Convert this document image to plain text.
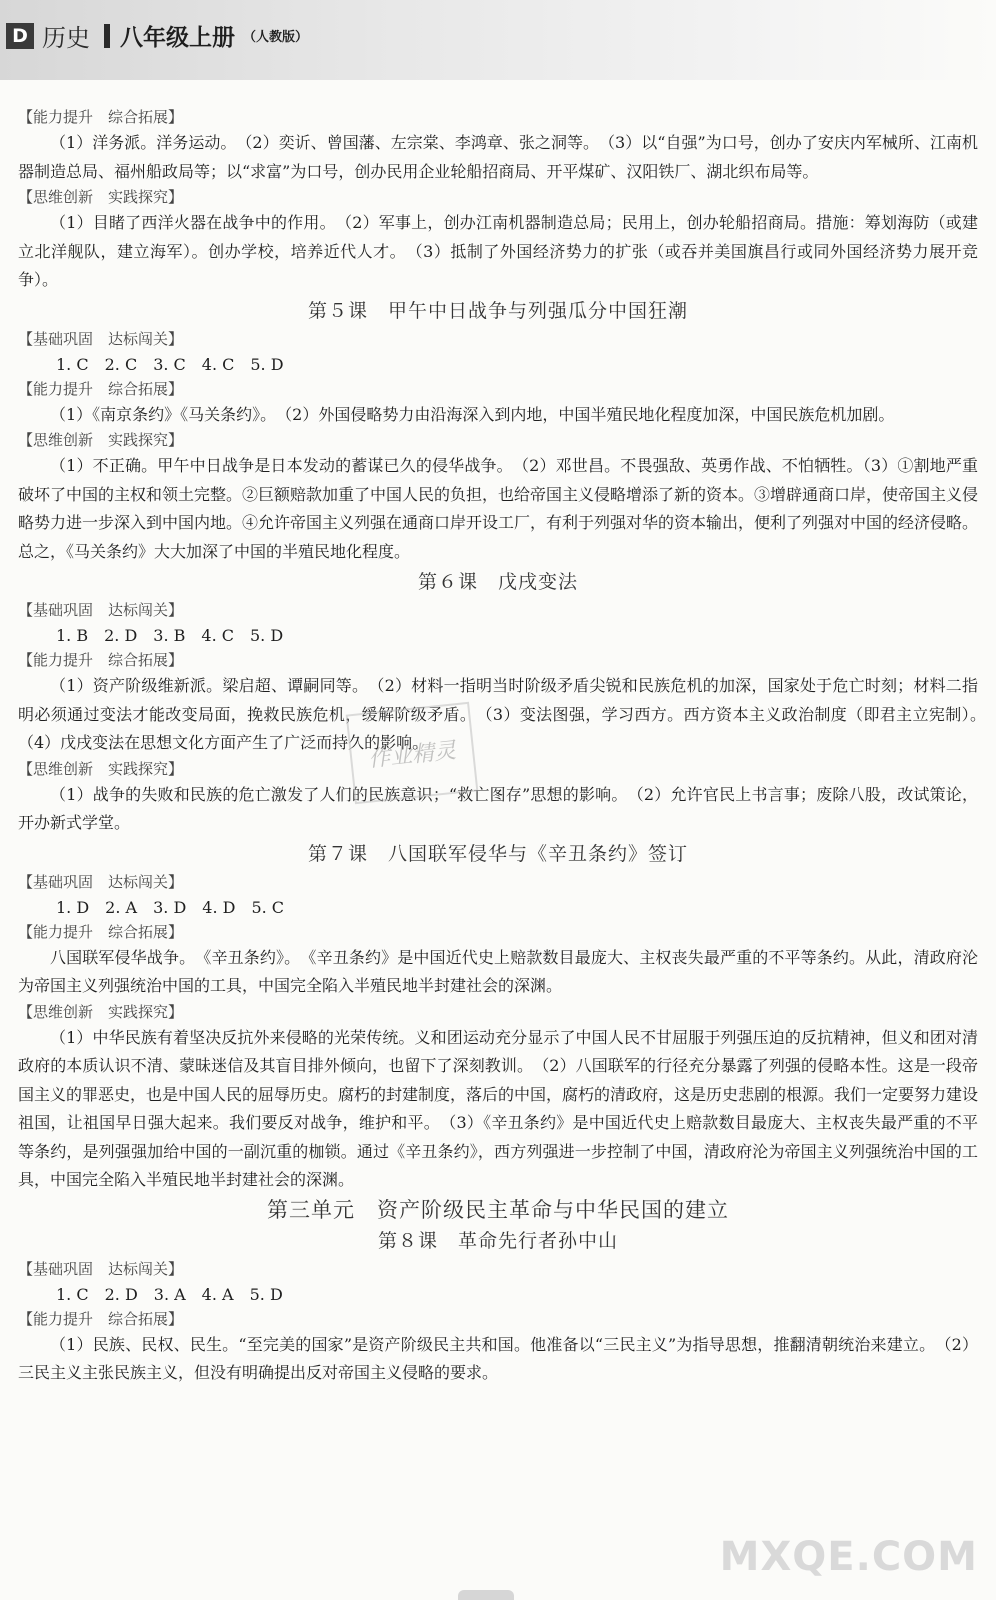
D 历史 八年级上册 （人教版）
【能力提升　综合拓展】

（1）洋务派。洋务运动。　（2）奕䜣、曾国藩、左宗棠、李鸿章、张之洞等。　（3）以“自强”为口号，创办了安庆内军械所、江南机器制造总局、福州船政局等；以“求富”为口号，创办民用企业轮船招商局、开平煤矿、汉阳铁厂、湖北织布局等。

【思维创新　实践探究】

（1）目睹了西洋火器在战争中的作用。　（2）军事上，创办江南机器制造总局；民用上，创办轮船招商局。措施：筹划海防（或建立北洋舰队，建立海军）。创办学校，培养近代人才。　（3）抵制了外国经济势力的扩张（或吞并美国旗昌行或同外国经济势力展开竞争）。

第５课　甲午中日战争与列强瓜分中国狂潮
【基础巩固　达标闯关】
1. C　2. C　3. C　4. C　5. D
【能力提升　综合拓展】

（1）《南京条约》《马关条约》。　（2）外国侵略势力由沿海深入到内地，中国半殖民地化程度加深，中国民族危机加剧。

【思维创新　实践探究】

（1）不正确。甲午中日战争是日本发动的蓄谋已久的侵华战争。　（2）邓世昌。不畏强敌、英勇作战、不怕牺牲。（3）①割地严重破坏了中国的主权和领土完整。②巨额赔款加重了中国人民的负担，也给帝国主义侵略增添了新的资本。③增辟通商口岸，使帝国主义侵略势力进一步深入到中国内地。④允许帝国主义列强在通商口岸开设工厂，有利于列强对华的资本输出，便利了列强对中国的经济侵略。总之，《马关条约》大大加深了中国的半殖民地化程度。

第６课　戊戌变法
【基础巩固　达标闯关】
1. B　2. D　3. B　4. C　5. D
【能力提升　综合拓展】

（1）资产阶级维新派。梁启超、谭嗣同等。　（2）材料一指明当时阶级矛盾尖锐和民族危机的加深，国家处于危亡时刻；材料二指明必须通过变法才能改变局面，挽救民族危机，缓解阶级矛盾。　（3）变法图强，学习西方。西方资本主义政治制度（即君主立宪制）。　（4）戊戌变法在思想文化方面产生了广泛而持久的影响。

【思维创新　实践探究】

（1）战争的失败和民族的危亡激发了人们的民族意识；“救亡图存”思想的影响。　（2）允许官民上书言事；废除八股，改试策论，开办新式学堂。

第７课　八国联军侵华与《辛丑条约》签订
【基础巩固　达标闯关】
1. D　2. A　3. D　4. D　5. C
【能力提升　综合拓展】

八国联军侵华战争。　《辛丑条约》。　《辛丑条约》是中国近代史上赔款数目最庞大、主权丧失最严重的不平等条约。从此，清政府沦为帝国主义列强统治中国的工具，中国完全陷入半殖民地半封建社会的深渊。

【思维创新　实践探究】

（1）中华民族有着坚决反抗外来侵略的光荣传统。义和团运动充分显示了中国人民不甘屈服于列强压迫的反抗精神，但义和团对清政府的本质认识不清、蒙昧迷信及其盲目排外倾向，也留下了深刻教训。　（2）八国联军的行径充分暴露了列强的侵略本性。这是一段帝国主义的罪恶史，也是中国人民的屈辱历史。腐朽的封建制度，落后的中国，腐朽的清政府，这是历史悲剧的根源。我们一定要努力建设祖国，让祖国早日强大起来。我们要反对战争，维护和平。　（3）《辛丑条约》是中国近代史上赔款数目最庞大、主权丧失最严重的不平等条约，是列强强加给中国的一副沉重的枷锁。通过《辛丑条约》，西方列强进一步控制了中国，清政府沦为帝国主义列强统治中国的工具，中国完全陷入半殖民地半封建社会的深渊。

第三单元　资产阶级民主革命与中华民国的建立
第８课　革命先行者孙中山
【基础巩固　达标闯关】
1. C　2. D　3. A　4. A　5. D
【能力提升　综合拓展】

（1）民族、民权、民生。“至完美的国家”是资产阶级民主共和国。他准备以“三民主义”为指导思想，推翻清朝统治来建立。　（2）三民主义主张民族主义，但没有明确提出反对帝国主义侵略的要求。

作业精灵
MXQE.COM
